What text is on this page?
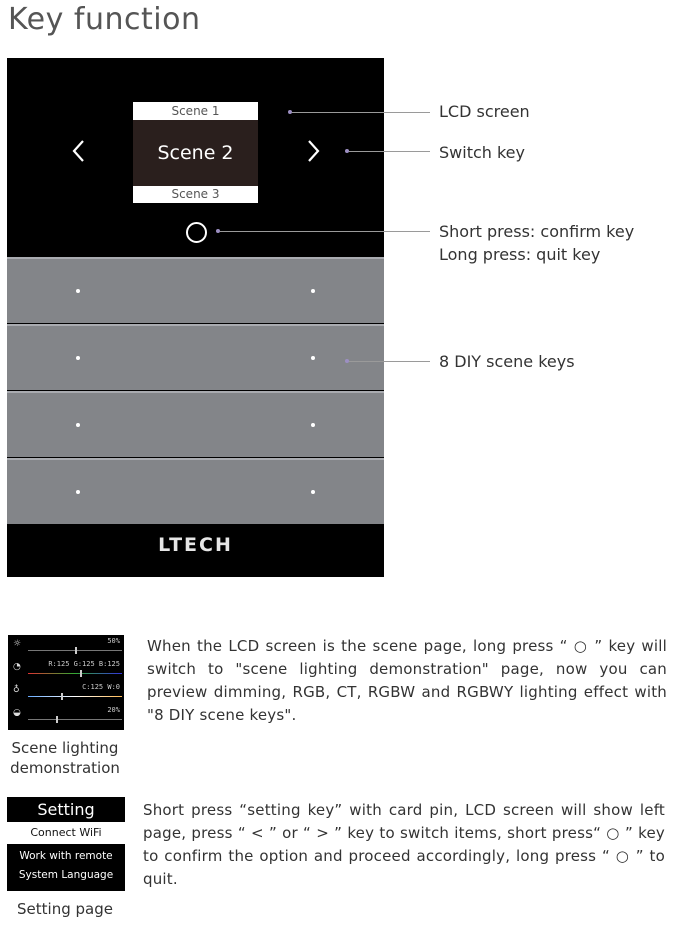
Key function
Scene 1
Scene 2
Scene 3
LTECH
LCD screen
Switch key
Short press: confirm key
Long press: quit key
8 DIY scene keys
☼	50%
◔	R:125 G:125 B:125
♁	C:125 W:0
◒	20%
Scene lighting
demonstration
When the LCD screen is the scene page, long press “ ○ ” key will switch to "scene lighting demonstration" page, now you can preview dimming, RGB, CT, RGBW and RGBWY lighting effect with "8 DIY scene keys".
Setting
Connect WiFi
Work with remote
System Language
Setting page
Short press “setting key” with card pin, LCD screen will show left page, press “ < ” or “ > ” key to switch items, short press“ ○ ” key to confirm the option and proceed accordingly, long press “ ○ ” to quit.
